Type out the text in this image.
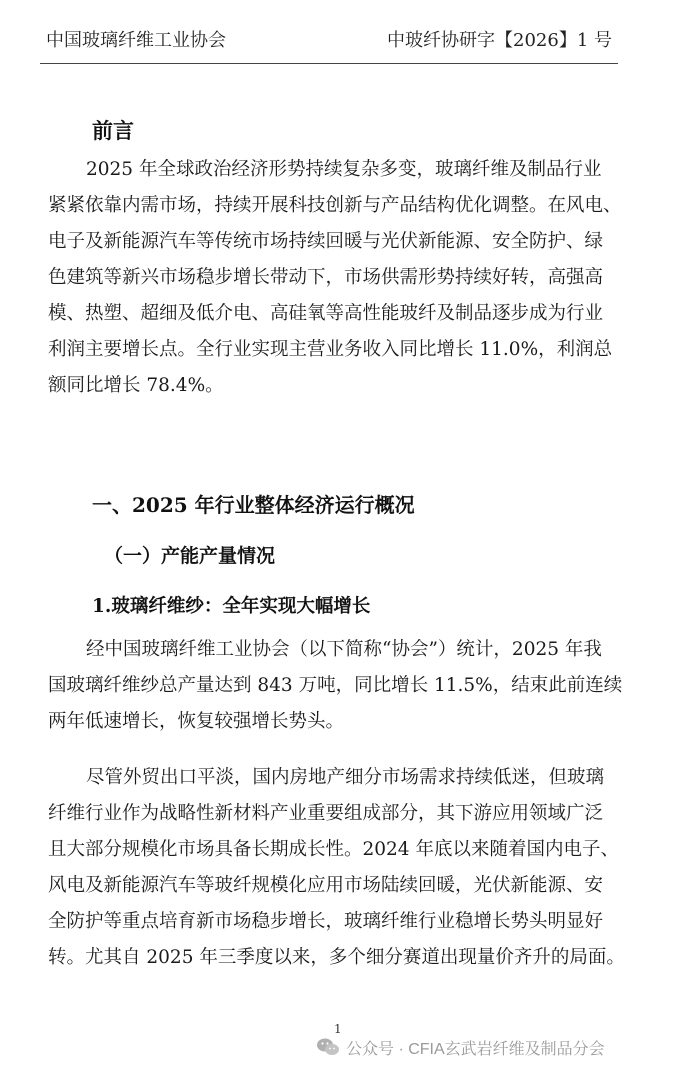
中国玻璃纤维工业协会	中玻纤协研字【2026】1 号
前言

2025 年全球政治经济形势持续复杂多变，玻璃纤维及制品行业

紧紧依靠内需市场，持续开展科技创新与产品结构优化调整。在风电、

电子及新能源汽车等传统市场持续回暖与光伏新能源、安全防护、绿

色建筑等新兴市场稳步增长带动下，市场供需形势持续好转，高强高

模、热塑、超细及低介电、高硅氧等高性能玻纤及制品逐步成为行业

利润主要增长点。全行业实现主营业务收入同比增长 11.0%，利润总

额同比增长 78.4%。

一、2025 年行业整体经济运行概况
（一）产能产量情况
1.玻璃纤维纱：全年实现大幅增长

经中国玻璃纤维工业协会（以下简称“协会”）统计，2025 年我

国玻璃纤维纱总产量达到 843 万吨，同比增长 11.5%，结束此前连续

两年低速增长，恢复较强增长势头。

尽管外贸出口平淡，国内房地产细分市场需求持续低迷，但玻璃

纤维行业作为战略性新材料产业重要组成部分，其下游应用领域广泛

且大部分规模化市场具备长期成长性。2024 年底以来随着国内电子、

风电及新能源汽车等玻纤规模化应用市场陆续回暖，光伏新能源、安

全防护等重点培育新市场稳步增长，玻璃纤维行业稳增长势头明显好

转。尤其自 2025 年三季度以来，多个细分赛道出现量价齐升的局面。

1
公众号 · CFIA玄武岩纤维及制品分会
